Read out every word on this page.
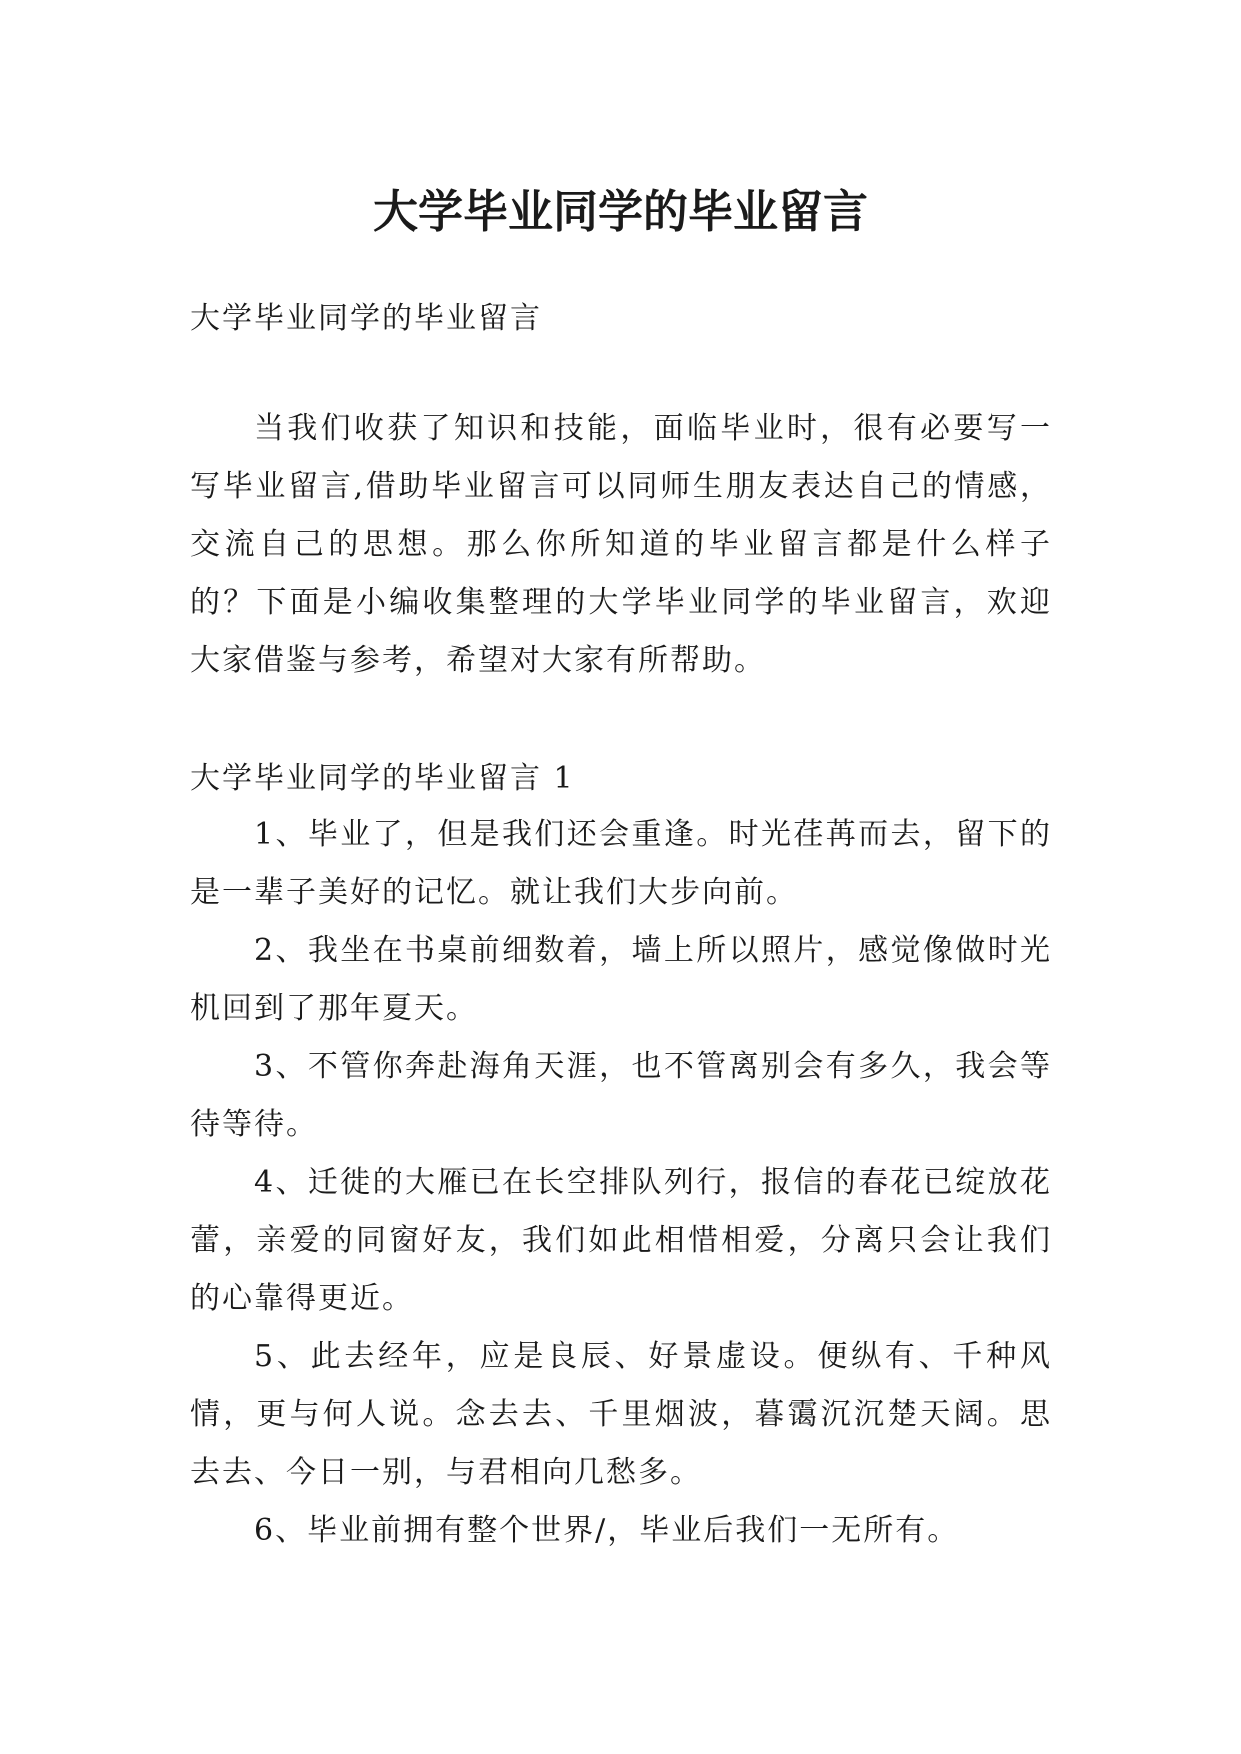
大学毕业同学的毕业留言

大学毕业同学的毕业留言

当我们收获了知识和技能，面临毕业时，很有必要写一写毕业留言,借助毕业留言可以同师生朋友表达自己的情感，交流自己的思想。那么你所知道的毕业留言都是什么样子的？下面是小编收集整理的大学毕业同学的毕业留言，欢迎大家借鉴与参考，希望对大家有所帮助。

大学毕业同学的毕业留言 1

1、毕业了，但是我们还会重逢。时光荏苒而去，留下的是一辈子美好的记忆。就让我们大步向前。
2、我坐在书桌前细数着，墙上所以照片，感觉像做时光机回到了那年夏天。
3、不管你奔赴海角天涯，也不管离别会有多久，我会等待等待。
4、迁徙的大雁已在长空排队列行，报信的春花已绽放花蕾，亲爱的同窗好友，我们如此相惜相爱，分离只会让我们的心靠得更近。
5、此去经年，应是良辰、好景虚设。便纵有、千种风情，更与何人说。念去去、千里烟波，暮霭沉沉楚天阔。思去去、今日一别，与君相向几愁多。
6、毕业前拥有整个世界/，毕业后我们一无所有。
